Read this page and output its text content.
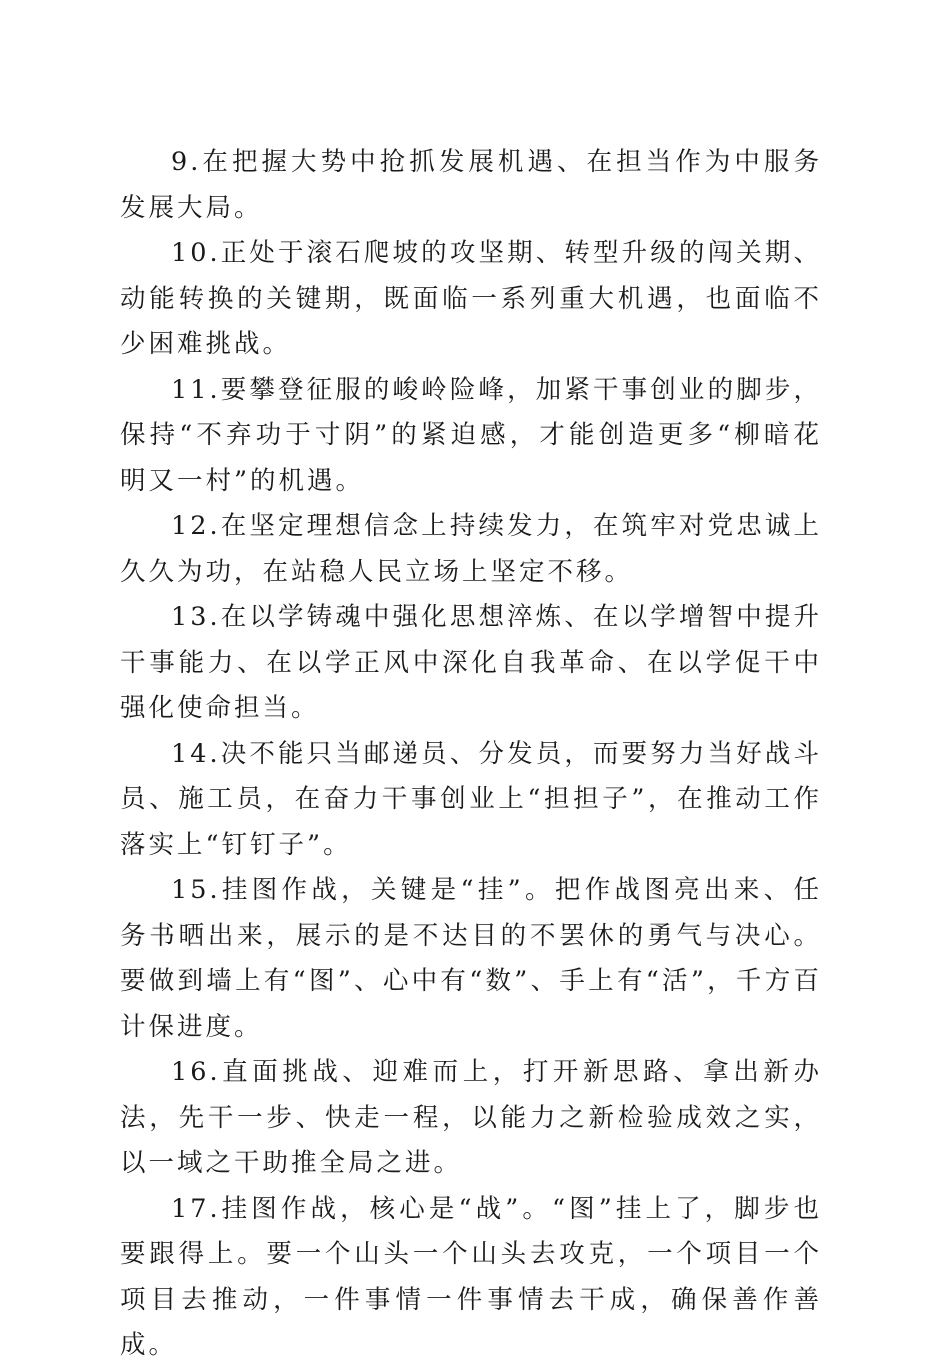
9.在把握大势中抢抓发展机遇、在担当作为中服务发展大局。

10.正处于滚石爬坡的攻坚期、转型升级的闯关期、动能转换的关键期，既面临一系列重大机遇，也面临不少困难挑战。

11.要攀登征服的峻岭险峰，加紧干事创业的脚步，保持“不弃功于寸阴”的紧迫感，才能创造更多“柳暗花明又一村”的机遇。

12.在坚定理想信念上持续发力，在筑牢对党忠诚上久久为功，在站稳人民立场上坚定不移。

13.在以学铸魂中强化思想淬炼、在以学增智中提升干事能力、在以学正风中深化自我革命、在以学促干中强化使命担当。

14.决不能只当邮递员、分发员，而要努力当好战斗员、施工员，在奋力干事创业上“担担子”，在推动工作落实上“钉钉子”。

15.挂图作战，关键是“挂”。把作战图亮出来、任务书晒出来，展示的是不达目的不罢休的勇气与决心。要做到墙上有“图”、心中有“数”、手上有“活”，千方百计保进度。

16.直面挑战、迎难而上，打开新思路、拿出新办法，先干一步、快走一程，以能力之新检验成效之实，以一域之干助推全局之进。

17.挂图作战，核心是“战”。“图”挂上了，脚步也要跟得上。要一个山头一个山头去攻克，一个项目一个项目去推动，一件事情一件事情去干成，确保善作善成。
